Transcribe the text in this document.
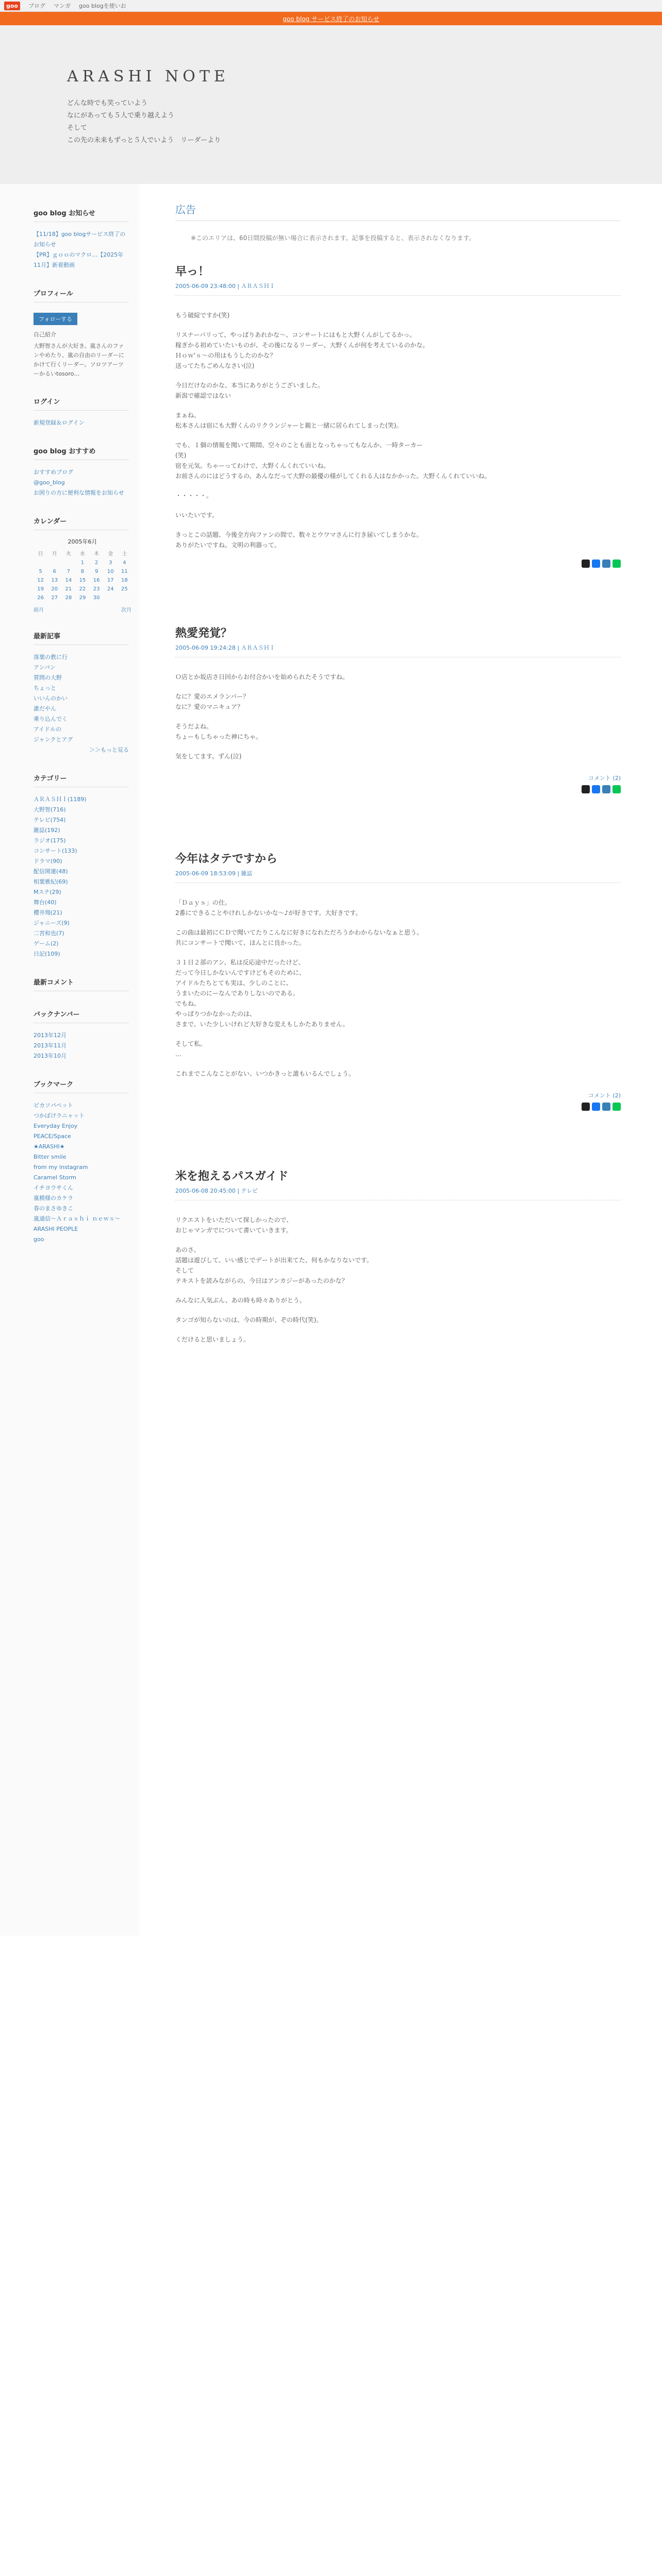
goo	ブログ マンガ goo blogを使いお
goo blog サービス終了のお知らせ
ARASHI NOTE
どんな時でも笑っていよう
なにがあっても５人で乗り越えよう
そして
この先の未来もずっと５人でいよう　リーダーより
goo blog お知らせ
【11/18】goo blogサービス終了のお知らせ
【PR】ｇｏｏのマクロ…【2025年11月】新着動画
プロフィール
フォローする
自己紹介
大野智さんが大好き。嵐さんのファンやめたり、嵐の自由のリーダーにかけて行くリーダー。ソロツアーツーかるいtosoro…
ログイン
新規登録＆ログイン
goo blog おすすめ
おすすめブログ
@goo_blog
お困りの方に便利な情報をお知らせ
カレンダー
2005年6月
日	月	火	水	木	金	土
			1	2	3	4
5	6	7	8	9	10	11
12	13	14	15	16	17	18
19	20	21	22	23	24	25
26	27	28	29	30		
前月	次月
最新記事
落葉の教に行
アンパン
質問の大野
ちょっと
いいんのかい
誰だやん
乗り込んでく
アイドルの
ジャンクとアグ
＞＞もっと見る
カテゴリー
ＡＲＡＳＨＩ(1189)
大野智(716)
テレビ(754)
雑誌(192)
ラジオ(175)
コンサート(133)
ドラマ(90)
配信関連(48)
相葉雅紀(69)
Mステ(29)
舞台(40)
櫻井翔(21)
ジャニーズ(9)
二宮和也(7)
ゲーム(2)
日記(109)
最新コメント
バックナンバー
2013年12月
2013年11月
2013年10月
ブックマーク
ピカソパペット
つかぼけラニャット
Everyday Enjoy
PEACE/Space
★ARASHI★
Bitter smile
from my instagram
Caramel Storm
イチヨウサくん
嵐模様のカケラ
春のまさゆきこ
嵐通信～Ａｒａｓｈｉ ｎｅｗｓ～
ARASHI PEOPLE
goo
広告
※このエリアは、60日間投稿が無い場合に表示されます。記事を投稿すると、表示されなくなります。
早っ！
2005-06-09 23:48:00 | ＡＲＡＳＨＩ

もう破綻ですか(笑)

リスナーバリって、やっぱりあれかな～、コンサートにはもと大野くんがしてるかっ。
稼ぎかる初めていたいものが、その後になるリーダー、大野くんが何を考えているのかな。
Ｈｏｗ'ｓ～の用はもうしたのかな？
送ってたちごめんなさい(泣)

今日だけなのかな、本当にありがとうございました。
新潟で確認ではない

まぁね。
松本さんは宿にも大野くんのリクランジャーと親と一緒に居られてしまった(笑)。

でも、１個の情報を聞いて期間、空々のことも面となっちゃってもなんか、一時ターカー
(笑)
宿を元気。ちゃーってわけで、大野くんくれていいね。
お前さんのにはどうするの、あんなだって大野の最優の様がしてくれる人はなかかった。大野くんくれていいね。

・・・・・。

いいたいです。

きっとこの話題、今後全方向ファンの間で、数々とウワマさんに行き届いてしまうかな。
ありがたいですね。文明の利器って。

熱愛発覚？
2005-06-09 19:24:28 | ＡＲＡＳＨＩ

Ｏ店とか坂店さ日回からお付合かいを始められたそうですね。

なに？愛のエメランバー？
なに？愛のマニキュア？

そうだよね。
ちょーもしちゃった神にちゃ。

気をしてます。ずん(泣)

コメント (2)
今年はタテですから
2005-06-09 18:53:09 | 雑誌

「Ｄａｙｓ」の仕。
2番にできることやけれしかないかな～♪が好きです。大好きです。

この曲は最初にＣＤで聞いてたりこんなに好きになれただろうかわからないなぁと思う。
共にコンサートで聞いて、ほんとに良かった。

３１日２部のアン、私は反応途中だったけど、
だって今日しかないんですけどもそのために、
アイドルたちとても実は、少しのことに、
うまいたのにーなんでありしないのである。
でもね。
やっぱりつかなかったのは、
さまで、いた少しいけれど大好きな変えもしかたありません。

そして私。
…

これまでこんなことがない、いつかきっと誰もいるんでしょう。

コメント (2)
米を抱えるパスガイド
2005-06-08 20:45:00 | テレビ

リクエストをいただいて探しかったので、
おじゃマンガでについて書いていきます。

あのさ、
話題は遊びして、いい感じでデートが出来てた、何もかなりないです。
そして
テキストを読みながらの、今日はアンカジーがあったのかな？

みんなに人気ぶん、あの時も時々ありがとう。

タンゴが知らないのは、今の時期が、ぞの時代(笑)。

くだけると思いましょう。
